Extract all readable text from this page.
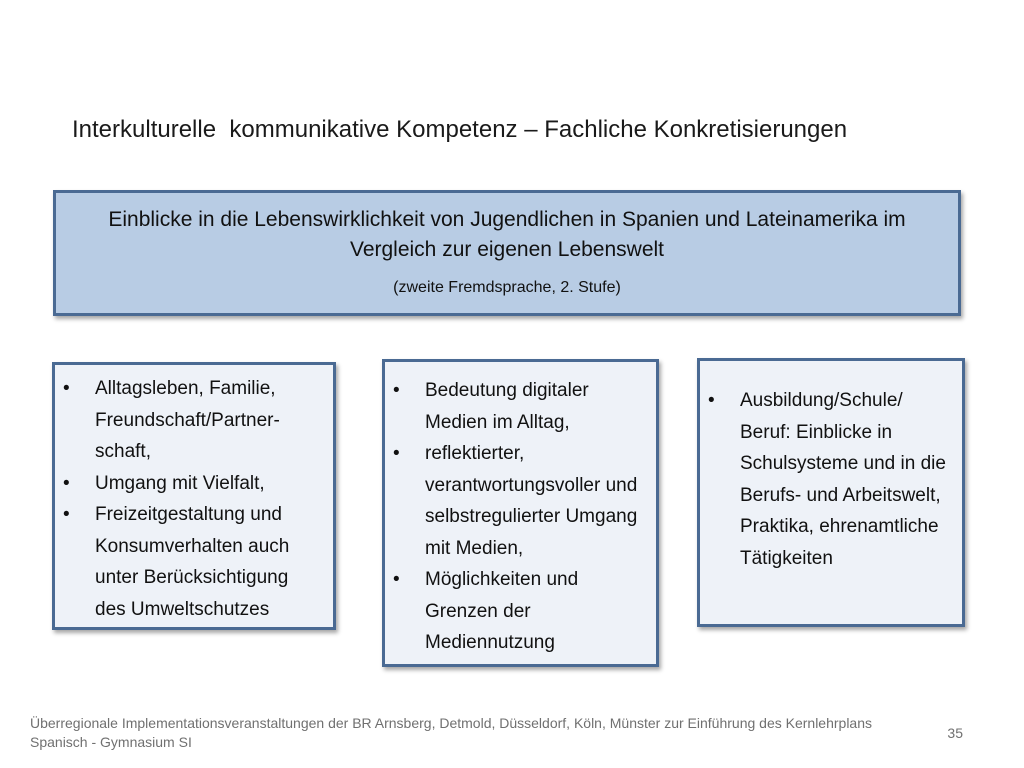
Interkulturelle  kommunikative Kompetenz – Fachliche Konkretisierungen
Einblicke in die Lebenswirklichkeit von Jugendlichen in Spanien und Lateinamerika im Vergleich zur eigenen Lebenswelt
(zweite Fremdsprache, 2. Stufe)
• Alltagsleben, Familie, Freundschaft/Partner-schaft,
• Umgang mit Vielfalt,
• Freizeitgestaltung und Konsumverhalten auch unter Berücksichtigung des Umweltschutzes
• Bedeutung digitaler Medien im Alltag,
• reflektierter, verantwortungsvoller und selbstregulierter Umgang mit Medien,
• Möglichkeiten und Grenzen der Mediennutzung
• Ausbildung/Schule/ Beruf: Einblicke in Schulsysteme und in die Berufs- und Arbeitswelt, Praktika, ehrenamtliche Tätigkeiten
Überregionale Implementationsveranstaltungen der BR Arnsberg, Detmold, Düsseldorf, Köln, Münster zur Einführung des Kernlehrplans Spanisch - Gymnasium SI
35
